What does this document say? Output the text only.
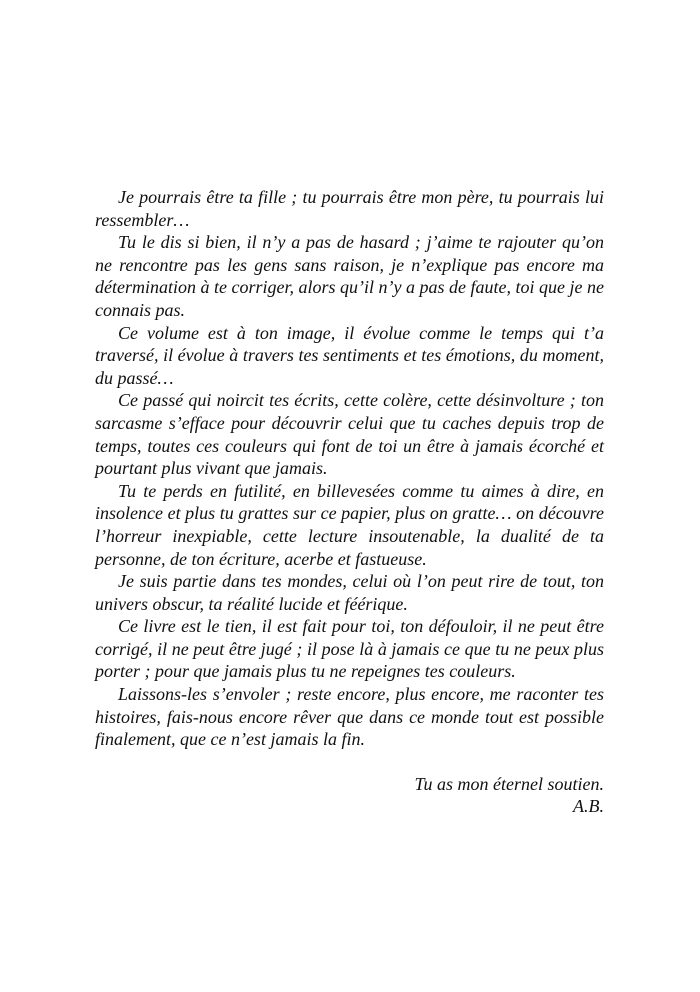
Je pourrais être ta fille ; tu pourrais être mon père, tu pourrais lui ressembler…

Tu le dis si bien, il n’y a pas de hasard ; j’aime te rajouter qu’on ne rencontre pas les gens sans raison, je n’explique pas encore ma détermination à te corriger, alors qu’il n’y a pas de faute, toi que je ne connais pas.

Ce volume est à ton image, il évolue comme le temps qui t’a traversé, il évolue à travers tes sentiments et tes émotions, du moment, du passé…

Ce passé qui noircit tes écrits, cette colère, cette désinvolture ; ton sarcasme s’efface pour découvrir celui que tu caches depuis trop de temps, toutes ces couleurs qui font de toi un être à jamais écorché et pourtant plus vivant que jamais.

Tu te perds en futilité, en billevesées comme tu aimes à dire, en insolence et plus tu grattes sur ce papier, plus on gratte… on découvre l’horreur inexpiable, cette lecture insoutenable, la dualité de ta personne, de ton écriture, acerbe et fastueuse.

Je suis partie dans tes mondes, celui où l’on peut rire de tout, ton univers obscur, ta réalité lucide et féérique.

Ce livre est le tien, il est fait pour toi, ton défouloir, il ne peut être corrigé, il ne peut être jugé ; il pose là à jamais ce que tu ne peux plus porter ; pour que jamais plus tu ne repeignes tes couleurs.

Laissons-les s’envoler ; reste encore, plus encore, me raconter tes histoires, fais-nous encore rêver que dans ce monde tout est possible finalement, que ce n’est jamais la fin.

Tu as mon éternel soutien.

A.B.
